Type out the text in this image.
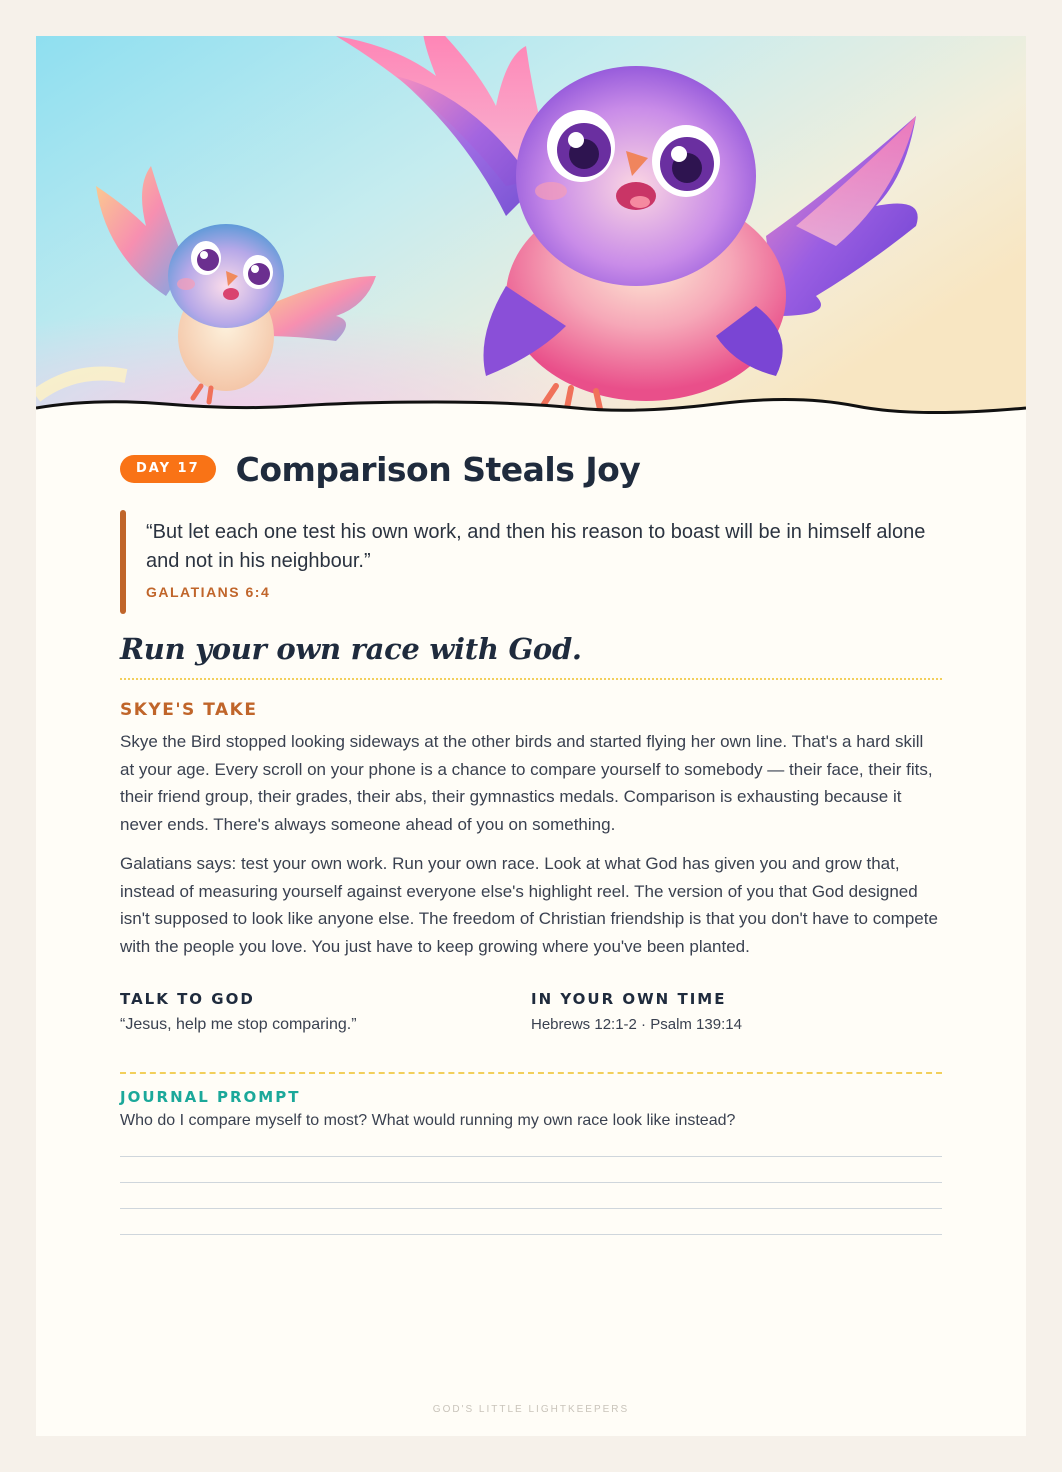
DAY 17	Comparison Steals Joy
“But let each one test his own work, and then his reason to boast will be in himself alone and not in his neighbour.”
GALATIANS 6:4
Run your own race with God.
SKYE'S TAKE
Skye the Bird stopped looking sideways at the other birds and started flying her own line. That's a hard skill at your age. Every scroll on your phone is a chance to compare yourself to somebody — their face, their fits, their friend group, their grades, their abs, their gymnastics medals. Comparison is exhausting because it never ends. There's always someone ahead of you on something.
Galatians says: test your own work. Run your own race. Look at what God has given you and grow that, instead of measuring yourself against everyone else's highlight reel. The version of you that God designed isn't supposed to look like anyone else. The freedom of Christian friendship is that you don't have to compete with the people you love. You just have to keep growing where you've been planted.
TALK TO GOD
“Jesus, help me stop comparing.”
IN YOUR OWN TIME
Hebrews 12:1-2 · Psalm 139:14
JOURNAL PROMPT
Who do I compare myself to most? What would running my own race look like instead?
GOD'S LITTLE LIGHTKEEPERS
